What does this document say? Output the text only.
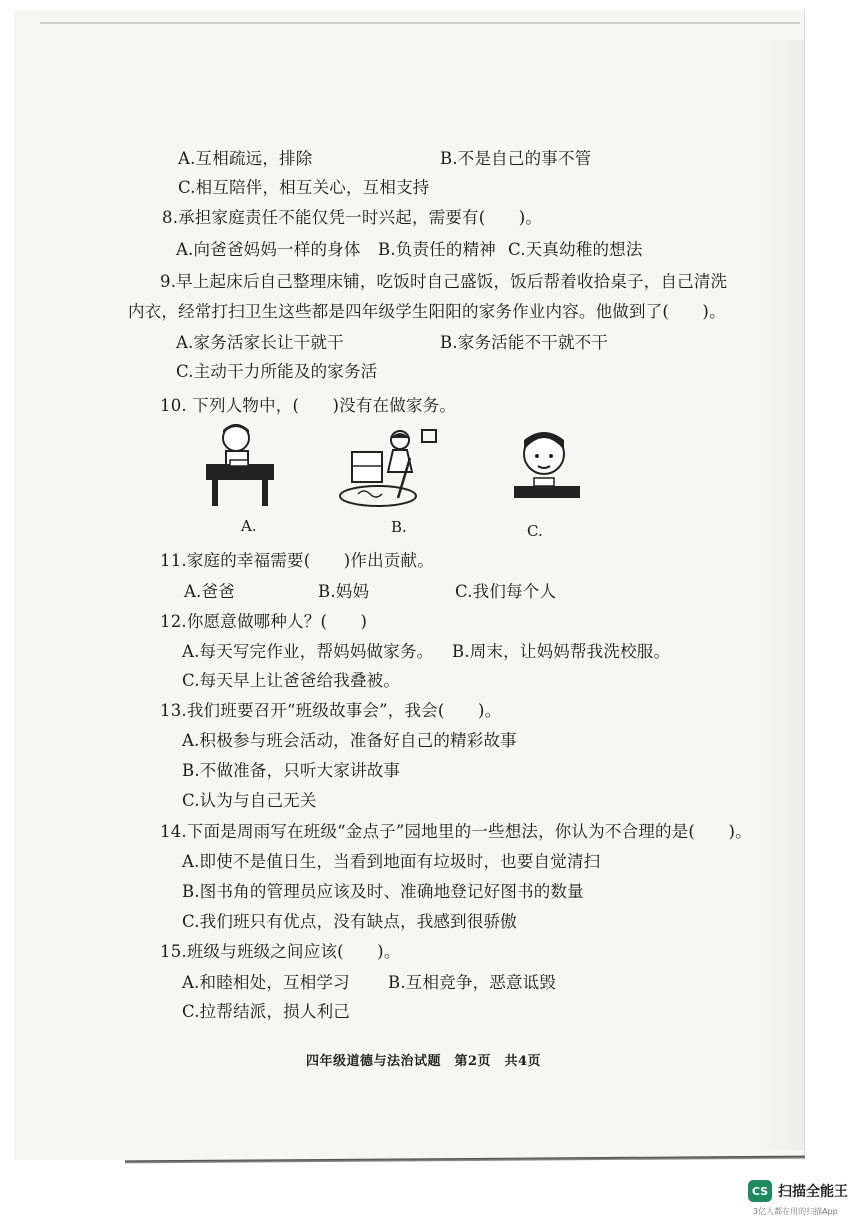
A.互相疏远，排除	B.不是自己的事不管
C.相互陪伴，相互关心，互相支持
8.承担家庭责任不能仅凭一时兴起，需要有(　　)。
A.向爸爸妈妈一样的身体 B.负责任的精神 C.天真幼稚的想法
9.早上起床后自己整理床铺，吃饭时自己盛饭，饭后帮着收拾桌子，自己清洗
内衣，经常打扫卫生这些都是四年级学生阳阳的家务作业内容。他做到了(　　)。
A.家务活家长让干就干	B.家务活能不干就不干
C.主动干力所能及的家务活
10. 下列人物中，(　　)没有在做家务。
A.	B.	C.
11.家庭的幸福需要(　　)作出贡献。
A.爸爸	B.妈妈	C.我们每个人
12.你愿意做哪种人？(　　)
A.每天写完作业，帮妈妈做家务。 B.周末，让妈妈帮我洗校服。
C.每天早上让爸爸给我叠被。
13.我们班要召开“班级故事会”，我会(　　)。
A.积极参与班会活动，准备好自己的精彩故事
B.不做准备，只听大家讲故事
C.认为与自己无关
14.下面是周雨写在班级“金点子”园地里的一些想法，你认为不合理的是(　　)。
A.即使不是值日生，当看到地面有垃圾时，也要自觉清扫
B.图书角的管理员应该及时、准确地登记好图书的数量
C.我们班只有优点，没有缺点，我感到很骄傲
15.班级与班级之间应该(　　)。
A.和睦相处，互相学习 B.互相竞争，恶意诋毁
C.拉帮结派，损人利己
四年级道德与法治试题　第2页　共4页
CS 扫描全能王
3亿人都在用的扫描App
